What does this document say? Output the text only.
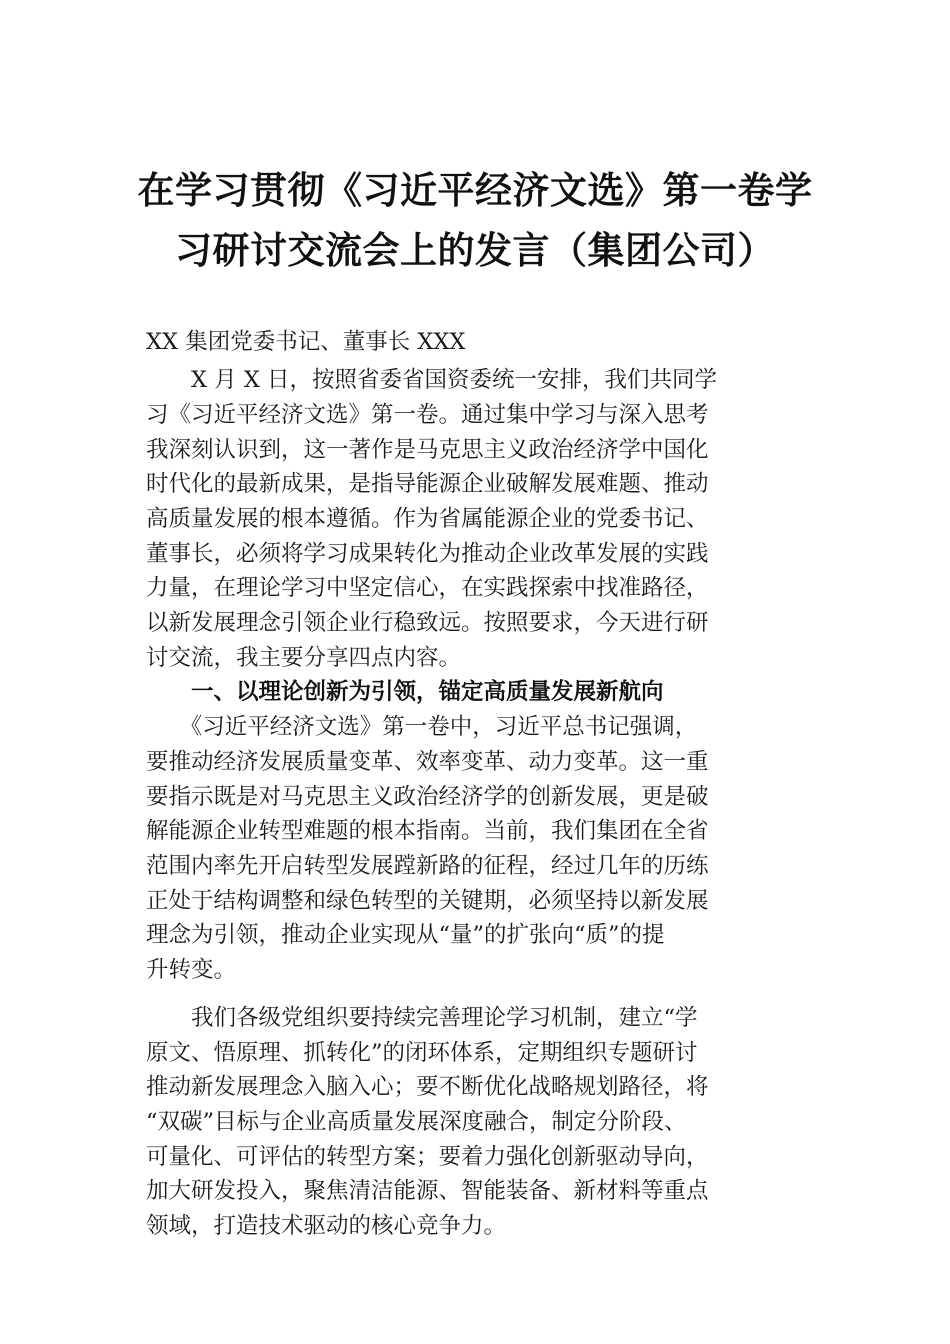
在学习贯彻《习近平经济文选》第一卷学
习研讨交流会上的发言（集团公司）
XX 集团党委书记、董事长 XXX
　　X 月 X 日，按照省委省国资委统一安排，我们共同学
习《习近平经济文选》第一卷。通过集中学习与深入思考
我深刻认识到，这一著作是马克思主义政治经济学中国化
时代化的最新成果，是指导能源企业破解发展难题、推动
高质量发展的根本遵循。作为省属能源企业的党委书记、
董事长，必须将学习成果转化为推动企业改革发展的实践
力量，在理论学习中坚定信心，在实践探索中找准路径，
以新发展理念引领企业行稳致远。按照要求，今天进行研
讨交流，我主要分享四点内容。
　　一、以理论创新为引领，锚定高质量发展新航向
　　《习近平经济文选》第一卷中，习近平总书记强调，
要推动经济发展质量变革、效率变革、动力变革。这一重
要指示既是对马克思主义政治经济学的创新发展，更是破
解能源企业转型难题的根本指南。当前，我们集团在全省
范围内率先开启转型发展蹚新路的征程，经过几年的历练
正处于结构调整和绿色转型的关键期，必须坚持以新发展
理念为引领，推动企业实现从“量”的扩张向“质”的提
升转变。
　　我们各级党组织要持续完善理论学习机制，建立“学
原文、悟原理、抓转化”的闭环体系，定期组织专题研讨
推动新发展理念入脑入心；要不断优化战略规划路径，将
“双碳”目标与企业高质量发展深度融合，制定分阶段、
可量化、可评估的转型方案；要着力强化创新驱动导向，
加大研发投入，聚焦清洁能源、智能装备、新材料等重点
领域，打造技术驱动的核心竞争力。
